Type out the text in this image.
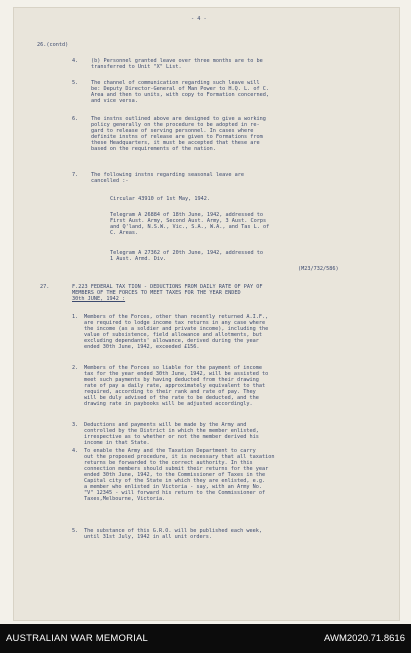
- 4 -
26.(contd)
4. (b) Personnel granted leave over three months are to be
transferred to Unit "X" List.
5. The channel of communication regarding such leave will
be: Deputy Director-General of Man Power to H.Q. L. of C.
Area and then to units, with copy to Formation concerned,
and vice versa.
6. The instns outlined above are designed to give a working
policy generally on the procedure to be adopted in re-
gard to release of serving personnel. In cases where
definite instns of release are given to Formations from
these Headquarters, it must be accepted that these are
based on the requirements of the nation.
7. The following instns regarding seasonal leave are
cancelled :-
Circular 43910 of 1st May, 1942.
Telegram A 26884 of 18th June, 1942, addressed to
First Aust. Army, Second Aust. Army, 3 Aust. Corps
and Q'land, N.S.W., Vic., S.A., W.A., and Tas L. of
C. Areas.
Telegram A 27362 of 20th June, 1942, addressed to
1 Aust. Armd. Div.
(M23/732/586)
27.	F.223 FEDERAL TAX TION - DEDUCTIONS FROM DAILY RATE OF PAY OF
MEMBERS OF THE FORCES TO MEET TAXES FOR THE YEAR ENDED
30th JUNE, 1942 :
1. Members of the Forces, other than recently returned A.I.F.,
are required to lodge income tax returns in any case where
the income (as a soldier and private income), including the
value of subsistence, field allowance and allotments, but
excluding dependants' allowance, derived during the year
ended 30th June, 1942, exceeded £156.
2. Members of the Forces so liable for the payment of income
tax for the year ended 30th June, 1942, will be assisted to
meet such payments by having deducted from their drawing
rate of pay a daily rate, approximately equivalent to that
required, according to their rank and rate of pay. They
will be duly advised of the rate to be deducted, and the
drawing rate in paybooks will be adjusted accordingly.
3. Deductions and payments will be made by the Army and
controlled by the District in which the member enlisted,
irrespective as to whether or not the member derived his
income in that State.
4. To enable the Army and the Taxation Department to carry
out the proposed procedure, it is necessary that all taxation
returns be forwarded to the correct authority. In this
connection members should submit their returns for the year
ended 30th June, 1942, to the Commissioner of Taxes in the
Capital city of the State in which they are enlisted, e.g.
a member who enlisted in Victoria - say, with an Army No.
"V" 12345 - will forward his return to the Commissioner of
Taxes,Melbourne, Victoria.
5. The substance of this G.R.O. will be published each week,
until 31st July, 1942 in all unit orders.
AUSTRALIAN WAR MEMORIAL	AWM2020.71.8616
